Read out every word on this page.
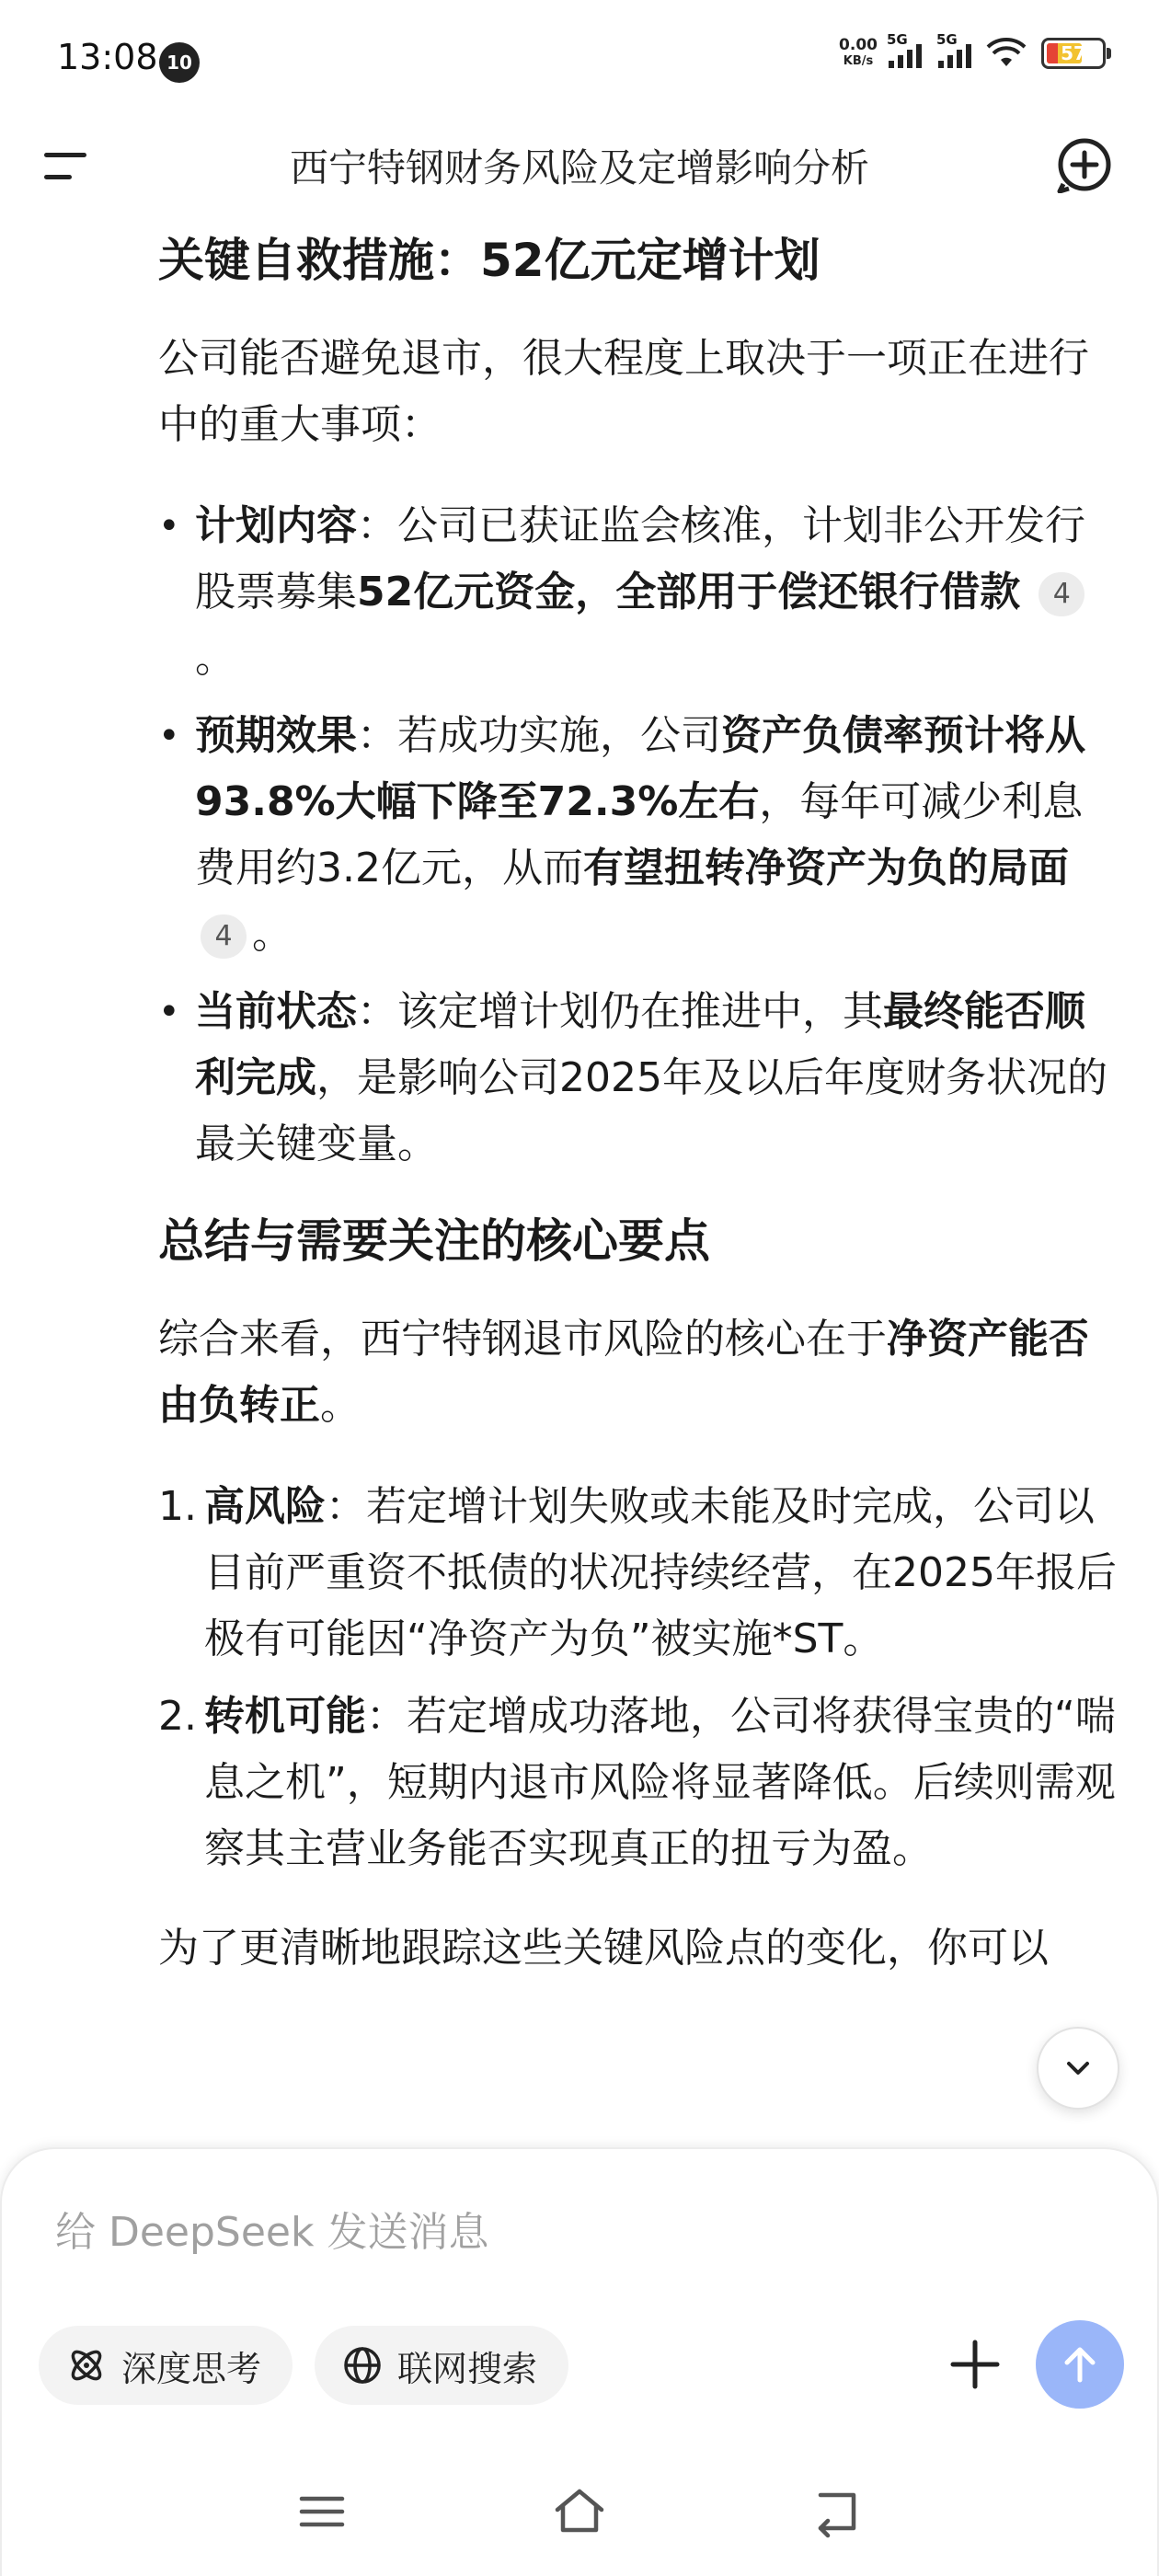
13:08 10
0.00
KB/s
5G 5G
57
西宁特钢财务风险及定增影响分析
关键自救措施：52亿元定增计划
公司能否避免退市，很大程度上取决于一项正在进行中的重大事项：
• 计划内容：公司已获证监会核准，计划非公开发行股票募集52亿元资金，全部用于偿还银行借款 4。
• 预期效果：若成功实施，公司资产负债率预计将从93.8%大幅下降至72.3%左右，每年可减少利息费用约3.2亿元，从而有望扭转净资产为负的局面4 。
• 当前状态：该定增计划仍在推进中，其最终能否顺利完成，是影响公司2025年及以后年度财务状况的最关键变量。
总结与需要关注的核心要点
综合来看，西宁特钢退市风险的核心在于净资产能否由负转正。
1. 高风险：若定增计划失败或未能及时完成，公司以目前严重资不抵债的状况持续经营，在2025年报后极有可能因“净资产为负”被实施*ST。
2. 转机可能：若定增成功落地，公司将获得宝贵的“喘息之机”，短期内退市风险将显著降低。后续则需观察其主营业务能否实现真正的扭亏为盈。
为了更清晰地跟踪这些关键风险点的变化，你可以
给 DeepSeek 发送消息
深度思考	联网搜索
